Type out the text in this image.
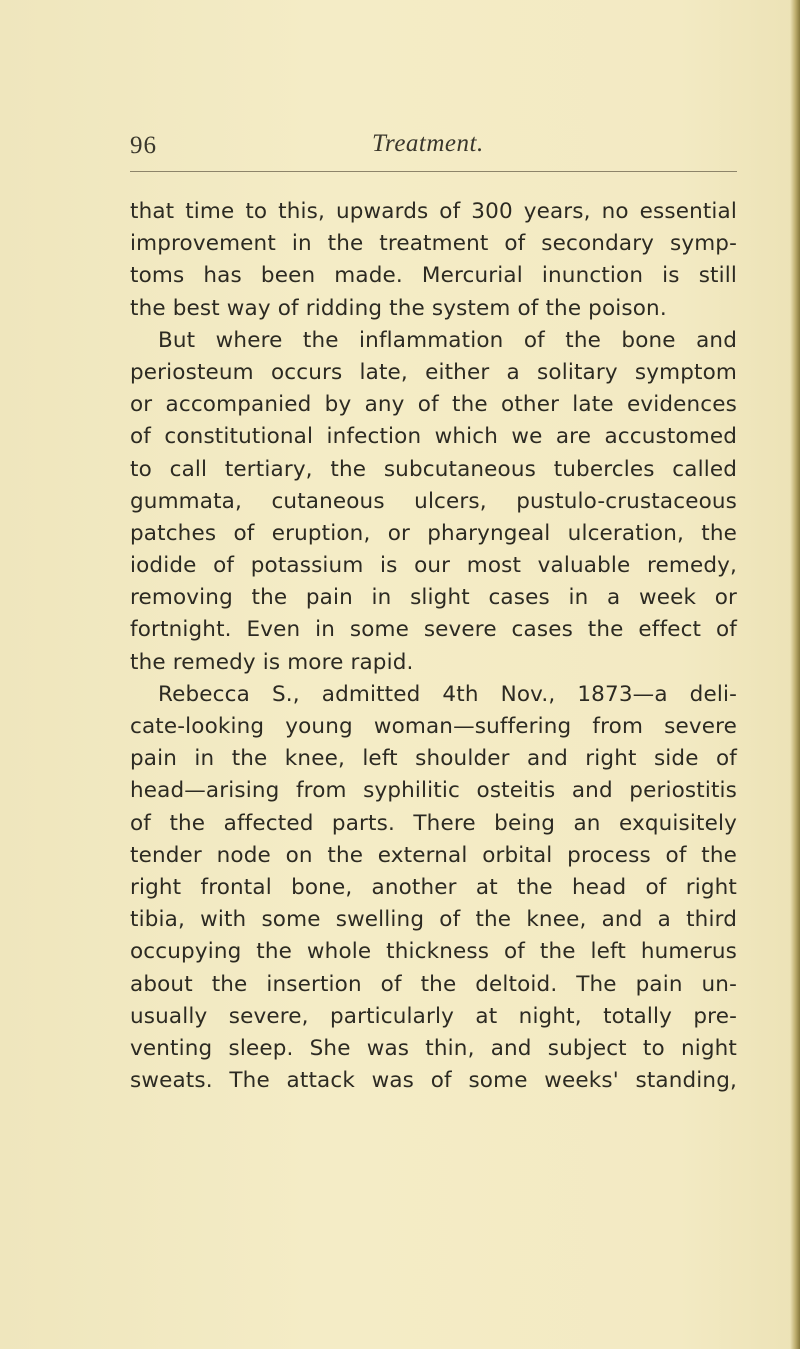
96	Treatment.
that time to this, upwards of 300 years, no essential
improvement in the treatment of secondary symp-
toms has been made. Mercurial inunction is still
the best way of ridding the system of the poison.
But where the inflammation of the bone and
periosteum occurs late, either a solitary symptom
or accompanied by any of the other late evidences
of constitutional infection which we are accustomed
to call tertiary, the subcutaneous tubercles called
gummata, cutaneous ulcers, pustulo-crustaceous
patches of eruption, or pharyngeal ulceration, the
iodide of potassium is our most valuable remedy,
removing the pain in slight cases in a week or
fortnight. Even in some severe cases the effect of
the remedy is more rapid.
Rebecca S., admitted 4th Nov., 1873—a deli-
cate-looking young woman—suffering from severe
pain in the knee, left shoulder and right side of
head—arising from syphilitic osteitis and periostitis
of the affected parts. There being an exquisitely
tender node on the external orbital process of the
right frontal bone, another at the head of right
tibia, with some swelling of the knee, and a third
occupying the whole thickness of the left humerus
about the insertion of the deltoid. The pain un-
usually severe, particularly at night, totally pre-
venting sleep. She was thin, and subject to night
sweats. The attack was of some weeks' standing,
